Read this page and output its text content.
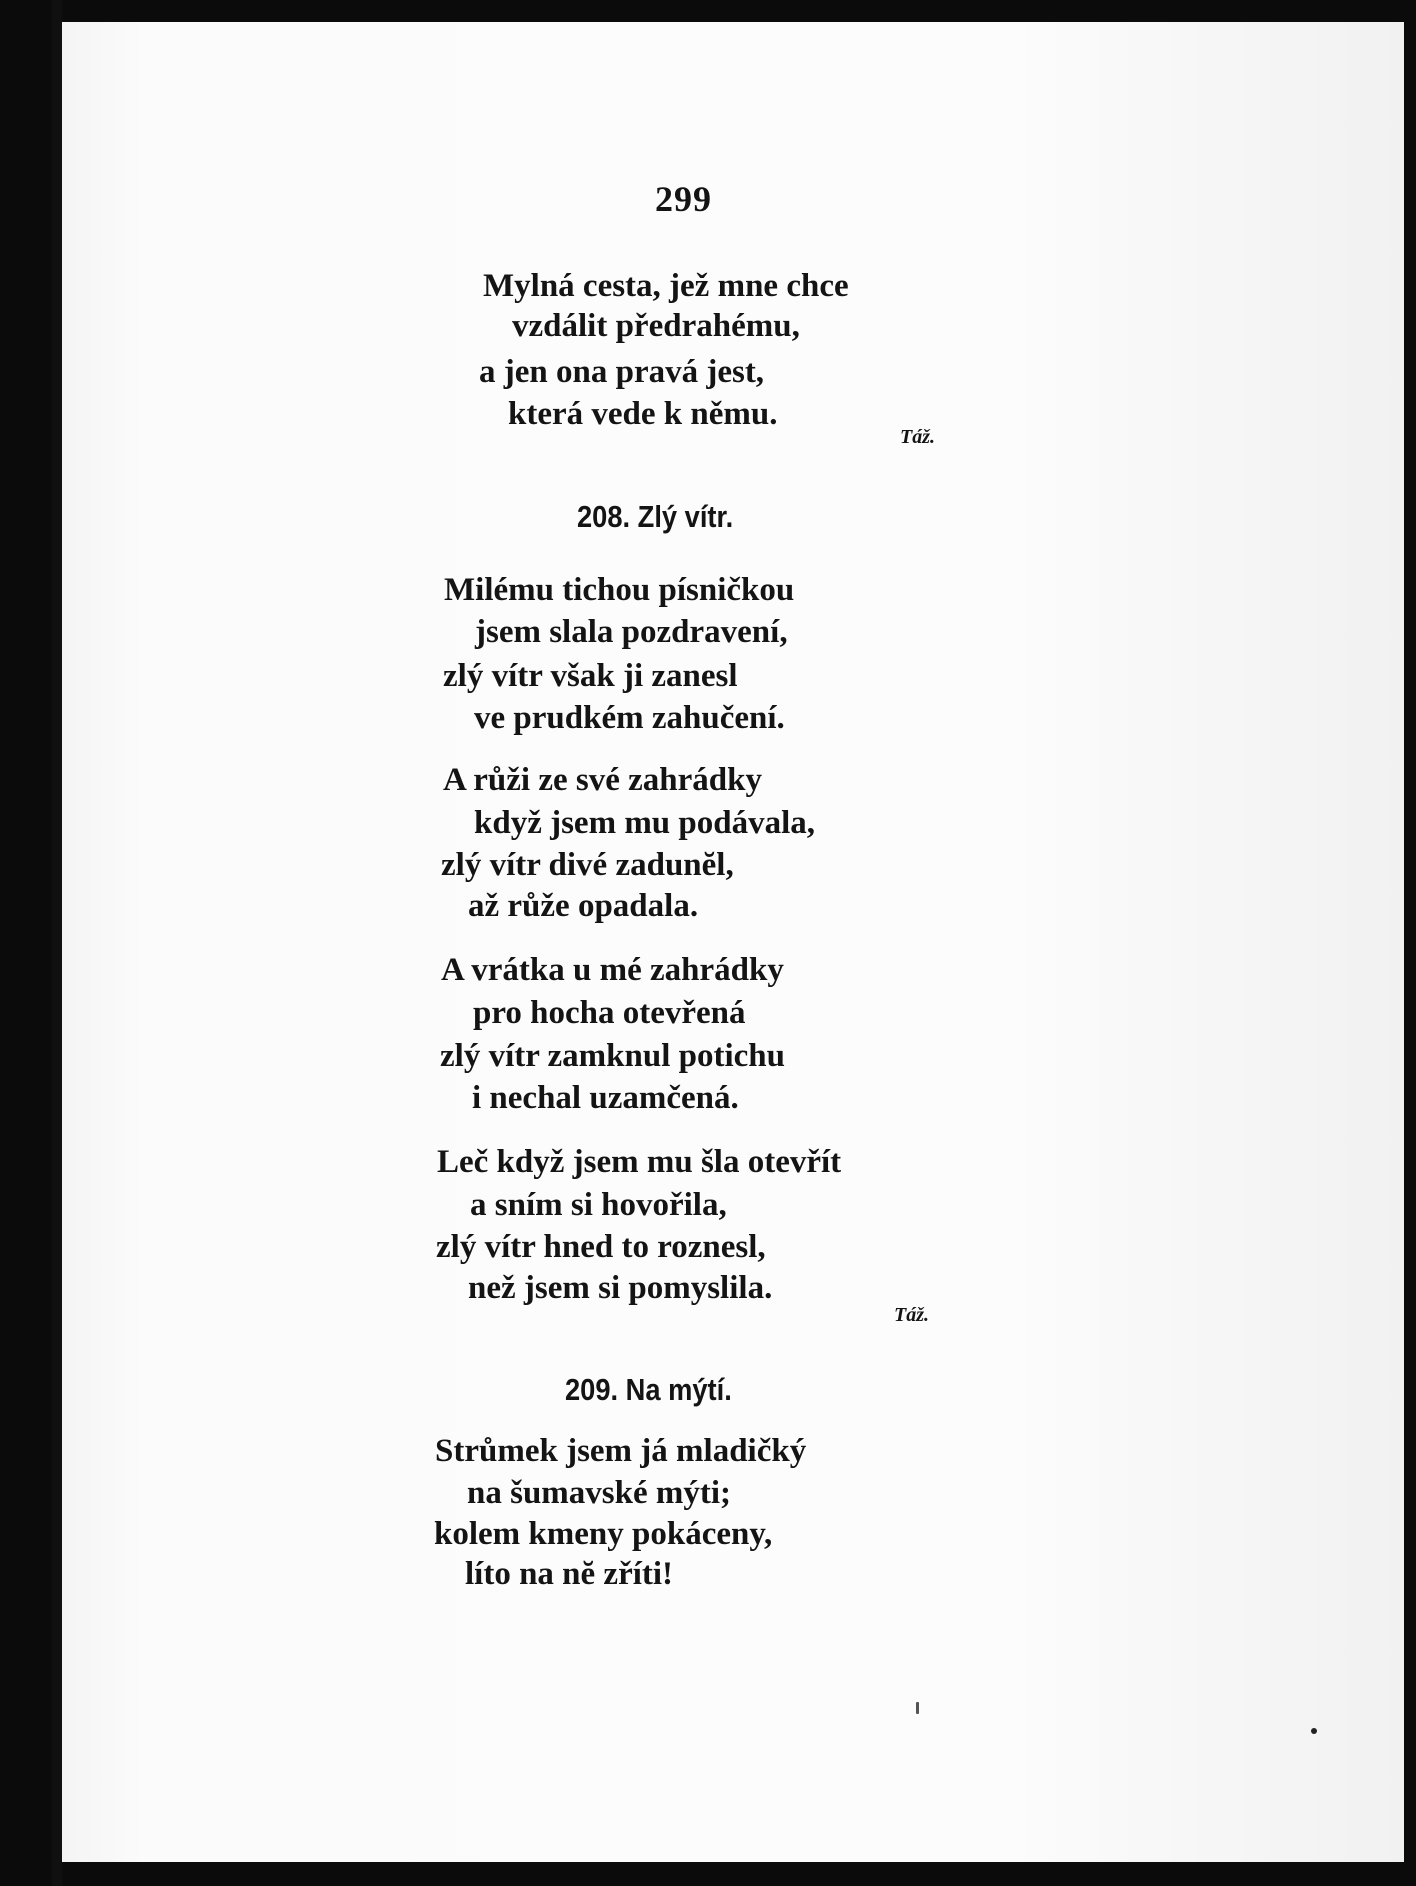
299
Mylná cesta, jež mne chce
vzdálit předrahému,
a jen ona pravá jest,
která vede k němu.
Táž.
208. Zlý vítr.
Milému tichou písničkou
jsem slala pozdravení,
zlý vítr však ji zanesl
ve prudkém zahučení.
A růži ze své zahrádky
když jsem mu podávala,
zlý vítr divé zadunĕl,
až růže opadala.
A vrátka u mé zahrádky
pro hocha otevřená
zlý vítr zamknul potichu
i nechal uzamčená.
Leč když jsem mu šla otevřít
a sním si hovořila,
zlý vítr hned to roznesl,
než jsem si pomyslila.
Táž.
209. Na mýtí.
Strůmek jsem já mladičký
na šumavské mýti;
kolem kmeny pokáceny,
líto na nĕ zříti!
